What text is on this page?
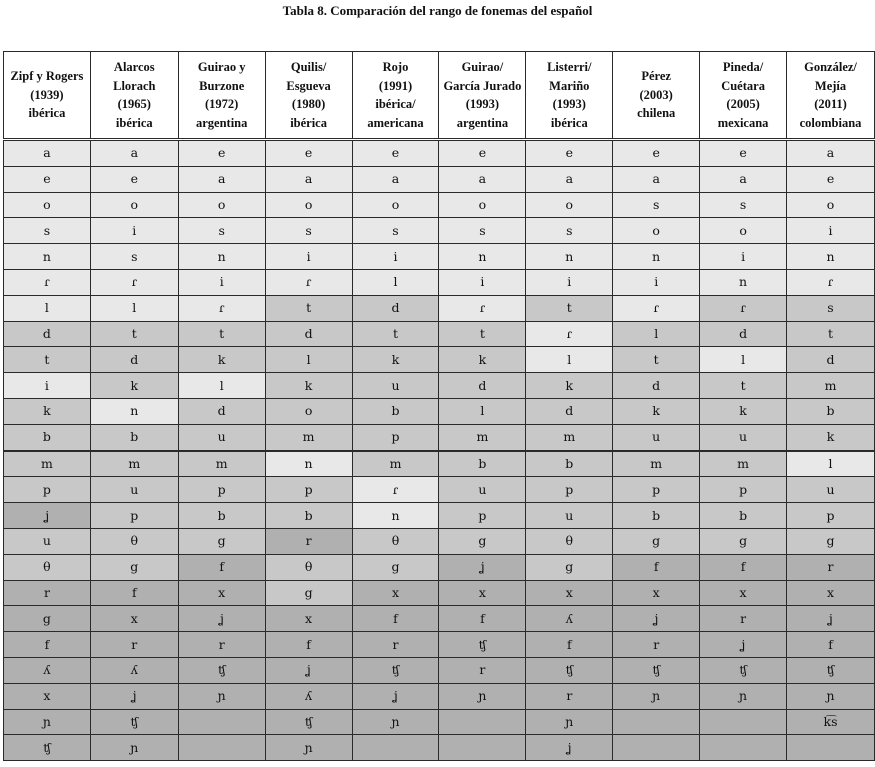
Tabla 8. Comparación del rango de fonemas del español
Zipf y Rogers
(1939)
ibérica	Alarcos
Llorach
(1965)
ibérica	Guirao y
Burzone
(1972)
argentina	Quilis/
Esgueva
(1980)
ibérica	Rojo
(1991)
ibérica/
americana	Guirao/
García Jurado
(1993)
argentina	Listerri/
Mariño
(1993)
ibérica	Pérez
(2003)
chilena	Pineda/
Cuétara
(2005)
mexicana	González/
Mejía
(2011)
colombiana

a	a	e	e	e	e	e	e	e	a
e	e	a	a	a	a	a	a	a	e
o	o	o	o	o	o	o	s	s	o
s	i	s	s	s	s	s	o	o	i
n	s	n	i	i	n	n	n	i	n
ɾ	ɾ	i	ɾ	l	i	i	i	n	ɾ
l	l	ɾ	t	d	ɾ	t	ɾ	ɾ	s
d	t	t	d	t	t	ɾ	l	d	t
t	d	k	l	k	k	l	t	l	d
i	k	l	k	u	d	k	d	t	m
k	n	d	o	b	l	d	k	k	b
b	b	u	m	p	m	m	u	u	k
m	m	m	n	m	b	b	m	m	l
p	u	p	p	ɾ	u	p	p	p	u
ʝ	p	b	b	n	p	u	b	b	p
u	θ	g	r	θ	g	θ	g	g	g
θ	g	f	θ	g	ʝ	g	f	f	r
r	f	x	g	x	x	x	x	x	x
g	x	ʝ	x	f	f	ʎ	ʝ	r	ʝ
f	r	r	f	r	ʧ	f	r	ʝ	f
ʎ	ʎ	ʧ	ʝ	ʧ	r	ʧ	ʧ	ʧ	ʧ
x	ʝ	ɲ	ʎ	ʝ	ɲ	r	ɲ	ɲ	ɲ
ɲ	ʧ		ʧ	ɲ		ɲ			k͡s
ʧ	ɲ		ɲ			ʝ			
